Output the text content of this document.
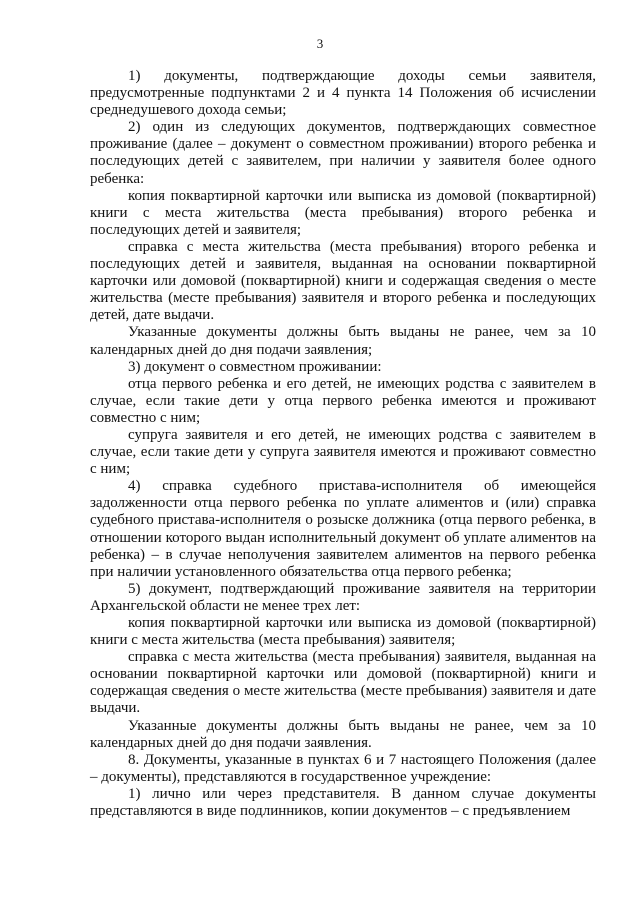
3

1) документы, подтверждающие доходы семьи заявителя, предусмотренные подпунктами 2 и 4 пункта 14 Положения об исчислении среднедушевого дохода семьи;

2) один из следующих документов, подтверждающих совместное проживание (далее – документ о совместном проживании) второго ребенка и последующих детей с заявителем, при наличии у заявителя более одного ребенка:

копия поквартирной карточки или выписка из домовой (поквартирной) книги с места жительства (места пребывания) второго ребенка и последующих детей и заявителя;

справка с места жительства (места пребывания) второго ребенка и последующих детей и заявителя, выданная на основании поквартирной карточки или домовой (поквартирной) книги и содержащая сведения о месте жительства (месте пребывания) заявителя и второго ребенка и последующих детей, дате выдачи.

Указанные документы должны быть выданы не ранее, чем за 10 календарных дней до дня подачи заявления;

3) документ о совместном проживании:

отца первого ребенка и его детей, не имеющих родства с заявителем в случае, если такие дети у отца первого ребенка имеются и проживают совместно с ним;

супруга заявителя и его детей, не имеющих родства с заявителем в случае, если такие дети у супруга заявителя имеются и проживают совместно с ним;

4) справка судебного пристава-исполнителя об имеющейся задолженности отца первого ребенка по уплате алиментов и (или) справка судебного пристава-исполнителя о розыске должника (отца первого ребенка, в отношении которого выдан исполнительный документ об уплате алиментов на ребенка) – в случае неполучения заявителем алиментов на первого ребенка при наличии установленного обязательства отца первого ребенка;

5) документ, подтверждающий проживание заявителя на территории Архангельской области не менее трех лет:

копия поквартирной карточки или выписка из домовой (поквартирной) книги с места жительства (места пребывания) заявителя;

справка с места жительства (места пребывания) заявителя, выданная на основании поквартирной карточки или домовой (поквартирной) книги и содержащая сведения о месте жительства (месте пребывания) заявителя и дате выдачи.

Указанные документы должны быть выданы не ранее, чем за 10 календарных дней до дня подачи заявления.

8. Документы, указанные в пунктах 6 и 7 настоящего Положения (далее – документы), представляются в государственное учреждение:

1) лично или через представителя. В данном случае документы представляются в виде подлинников, копии документов – с предъявлением
